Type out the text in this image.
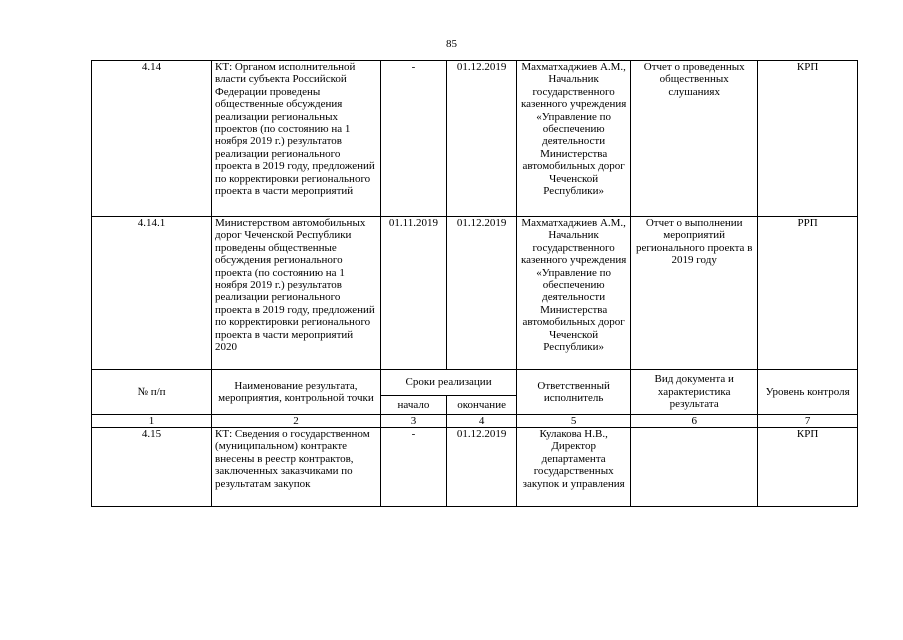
85
4.14	КТ: Органом исполнительной власти субъекта Российской Федерации проведены общественные обсуждения реализации региональных проектов (по состоянию на 1 ноября 2019 г.) результатов реализации регионального проекта в 2019 году, предложений по корректировки регионального проекта в части мероприятий	-	01.12.2019	Махматхаджиев А.М., Начальник государственного казенного учреждения «Управление по обеспечению деятельности Министерства автомобильных дорог Чеченской Республики»	Отчет о проведенных общественных слушаниях	КРП
4.14.1	Министерством автомобильных дорог Чеченской Республики проведены общественные обсуждения регионального проекта (по состоянию на 1 ноября 2019 г.) результатов реализации регионального проекта в 2019 году, предложений по корректировки регионального проекта в части мероприятий 2020	01.11.2019	01.12.2019	Махматхаджиев А.М., Начальник государственного казенного учреждения «Управление по обеспечению деятельности Министерства автомобильных дорог Чеченской Республики»	Отчет о выполнении мероприятий регионального проекта в 2019 году	РРП
№ п/п	Наименование результата, мероприятия, контрольной точки	Сроки реализации		Ответственный исполнитель	Вид документа и характеристика результата	Уровень контроля
		начало	окончание			
1	2	3	4	5	6	7
4.15	КТ: Сведения о государственном (муниципальном) контракте внесены в реестр контрактов, заключенных заказчиками по результатам закупок	-	01.12.2019	Кулакова Н.В., Директор департамента государственных закупок и управления		КРП
